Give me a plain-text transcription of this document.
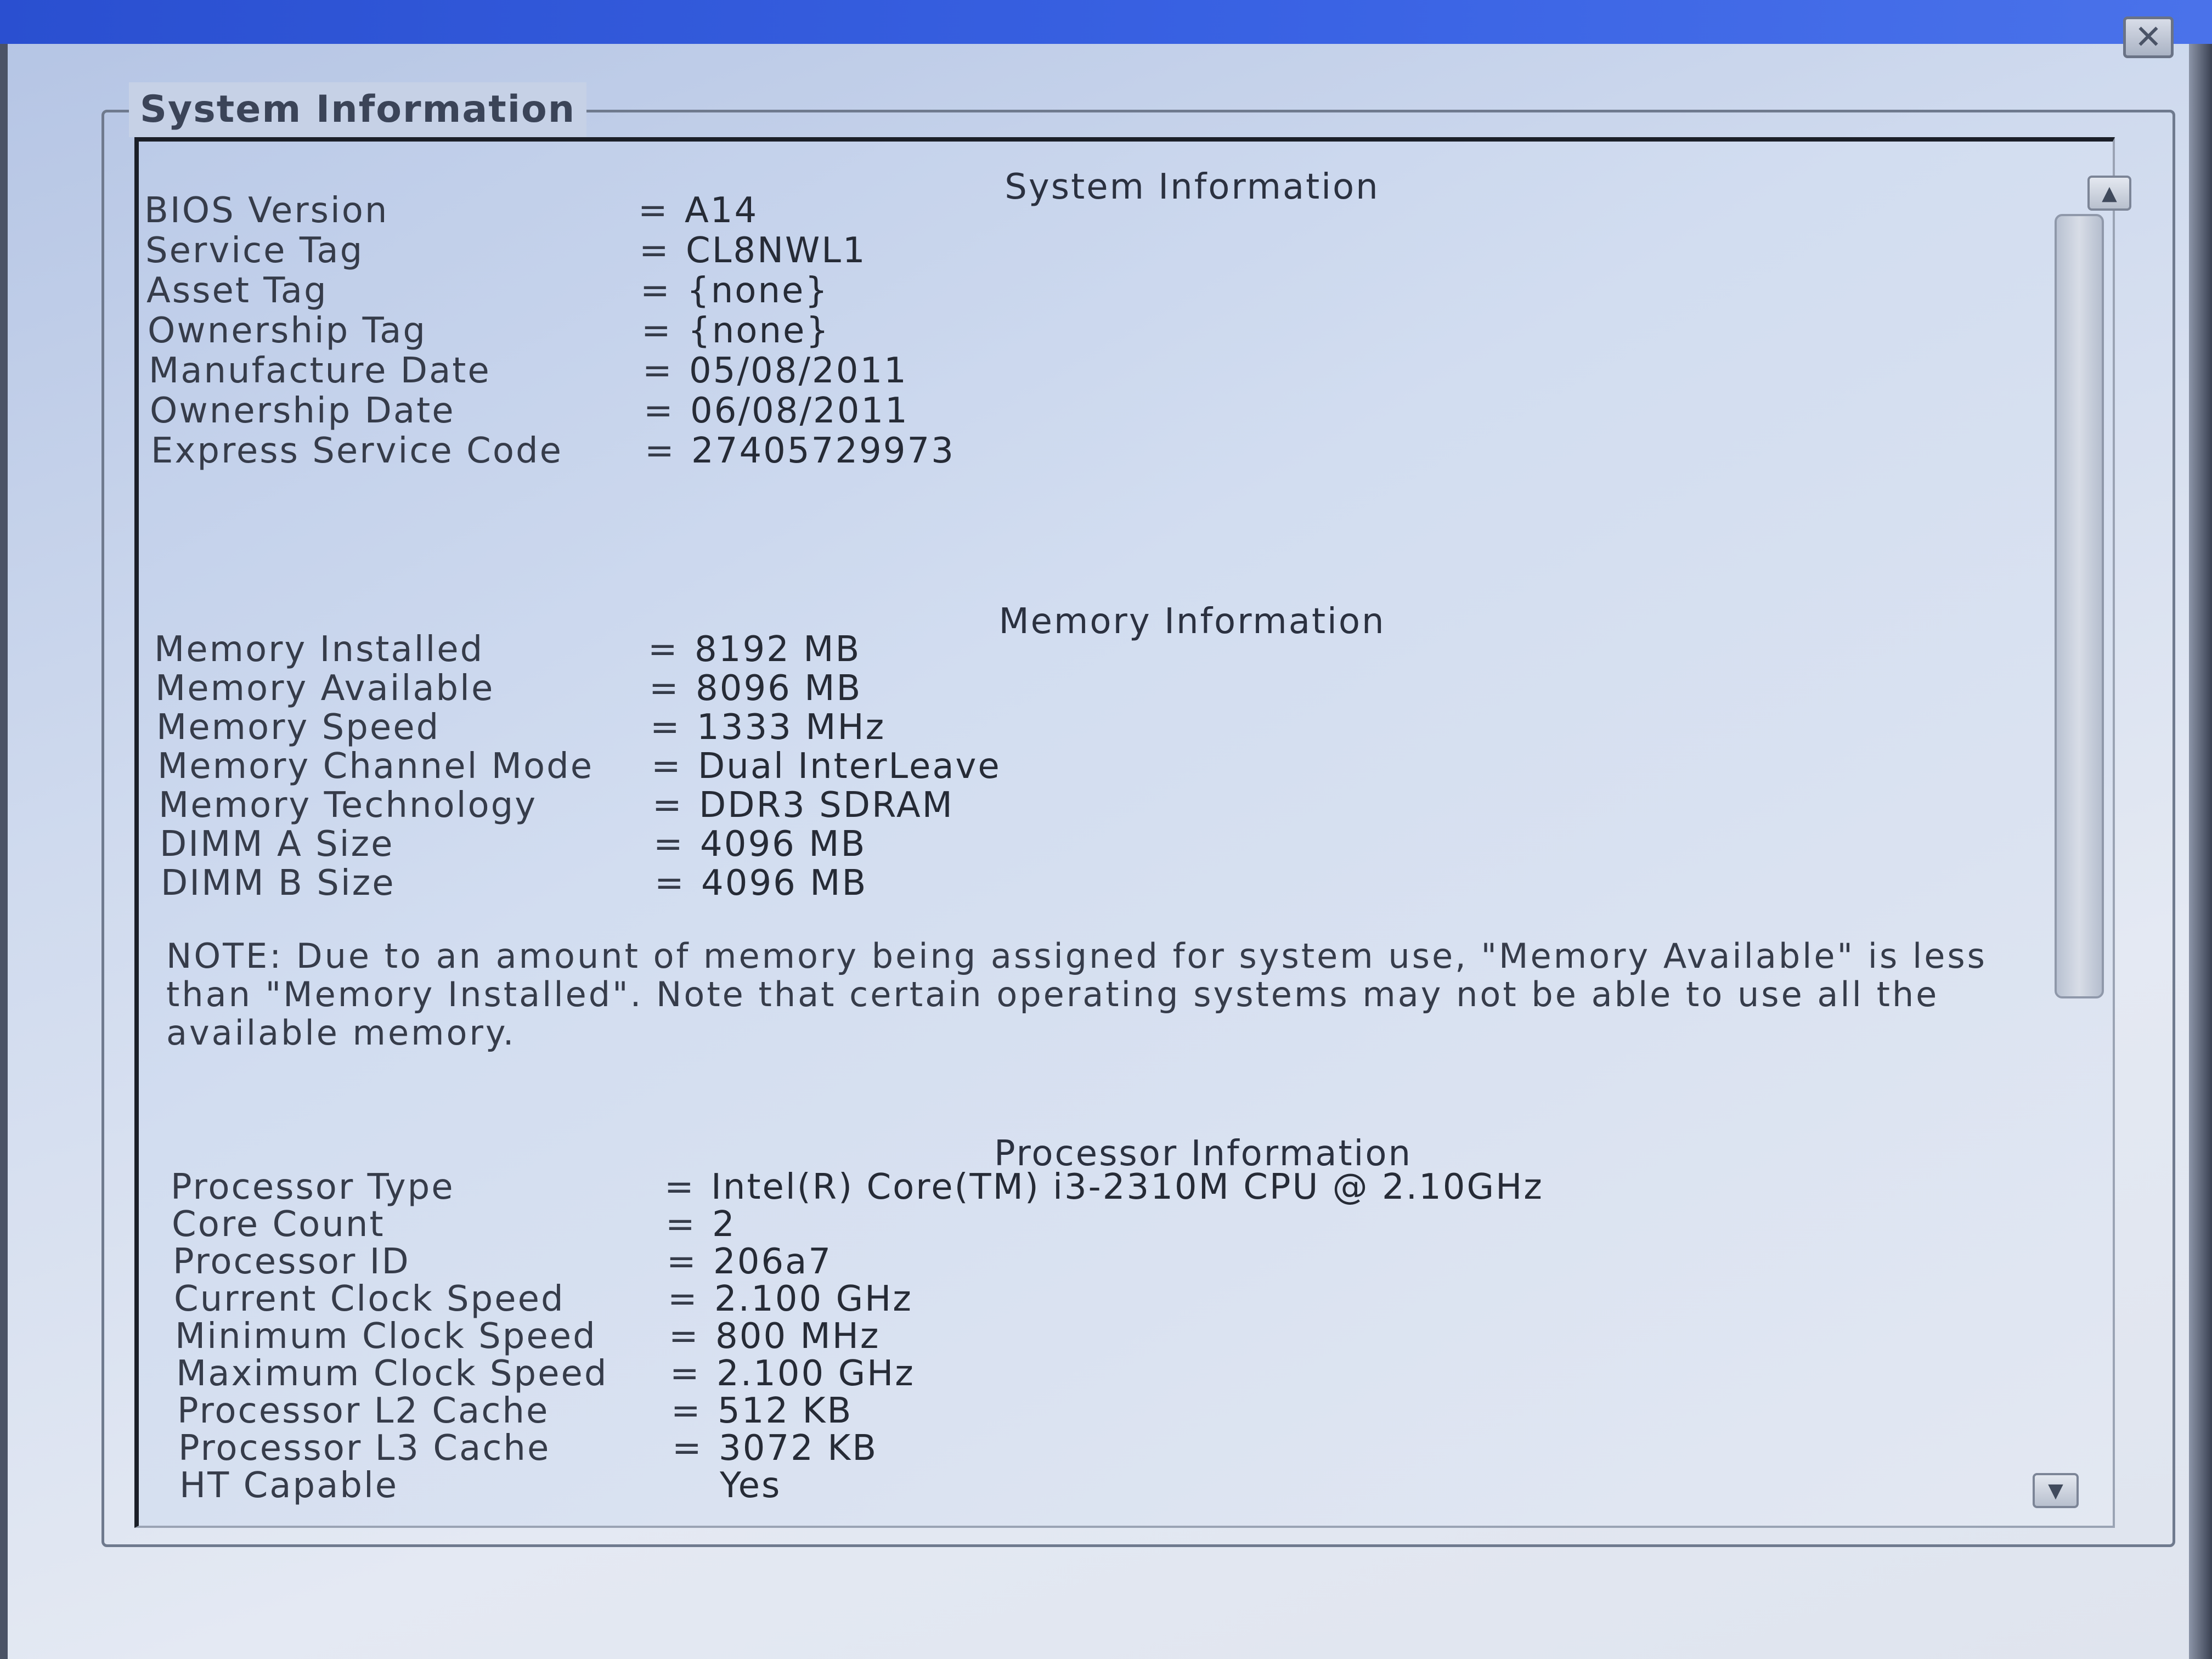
✕
System Information
System Information
BIOS Version	= A14
Service Tag	= CL8NWL1
Asset Tag	= {none}
Ownership Tag	= {none}
Manufacture Date	= 05/08/2011
Ownership Date	= 06/08/2011
Express Service Code = 27405729973
Memory Information
Memory Installed	= 8192 MB
Memory Available	= 8096 MB
Memory Speed	= 1333 MHz
Memory Channel Mode = Dual InterLeave
Memory Technology	= DDR3 SDRAM
DIMM A Size	= 4096 MB
DIMM B Size	= 4096 MB
NOTE: Due to an amount of memory being assigned for system use, "Memory Available" is less than "Memory Installed". Note that certain operating systems may not be able to use all the available memory.
Processor Information
Processor Type	= Intel(R) Core(TM) i3-2310M CPU @ 2.10GHz
Core Count	= 2
Processor ID	= 206a7
Current Clock Speed	= 2.100 GHz
Minimum Clock Speed = 800 MHz
Maximum Clock Speed = 2.100 GHz
Processor L2 Cache	= 512 KB
Processor L3 Cache	= 3072 KB
HT Capable	Yes
▲
▼
